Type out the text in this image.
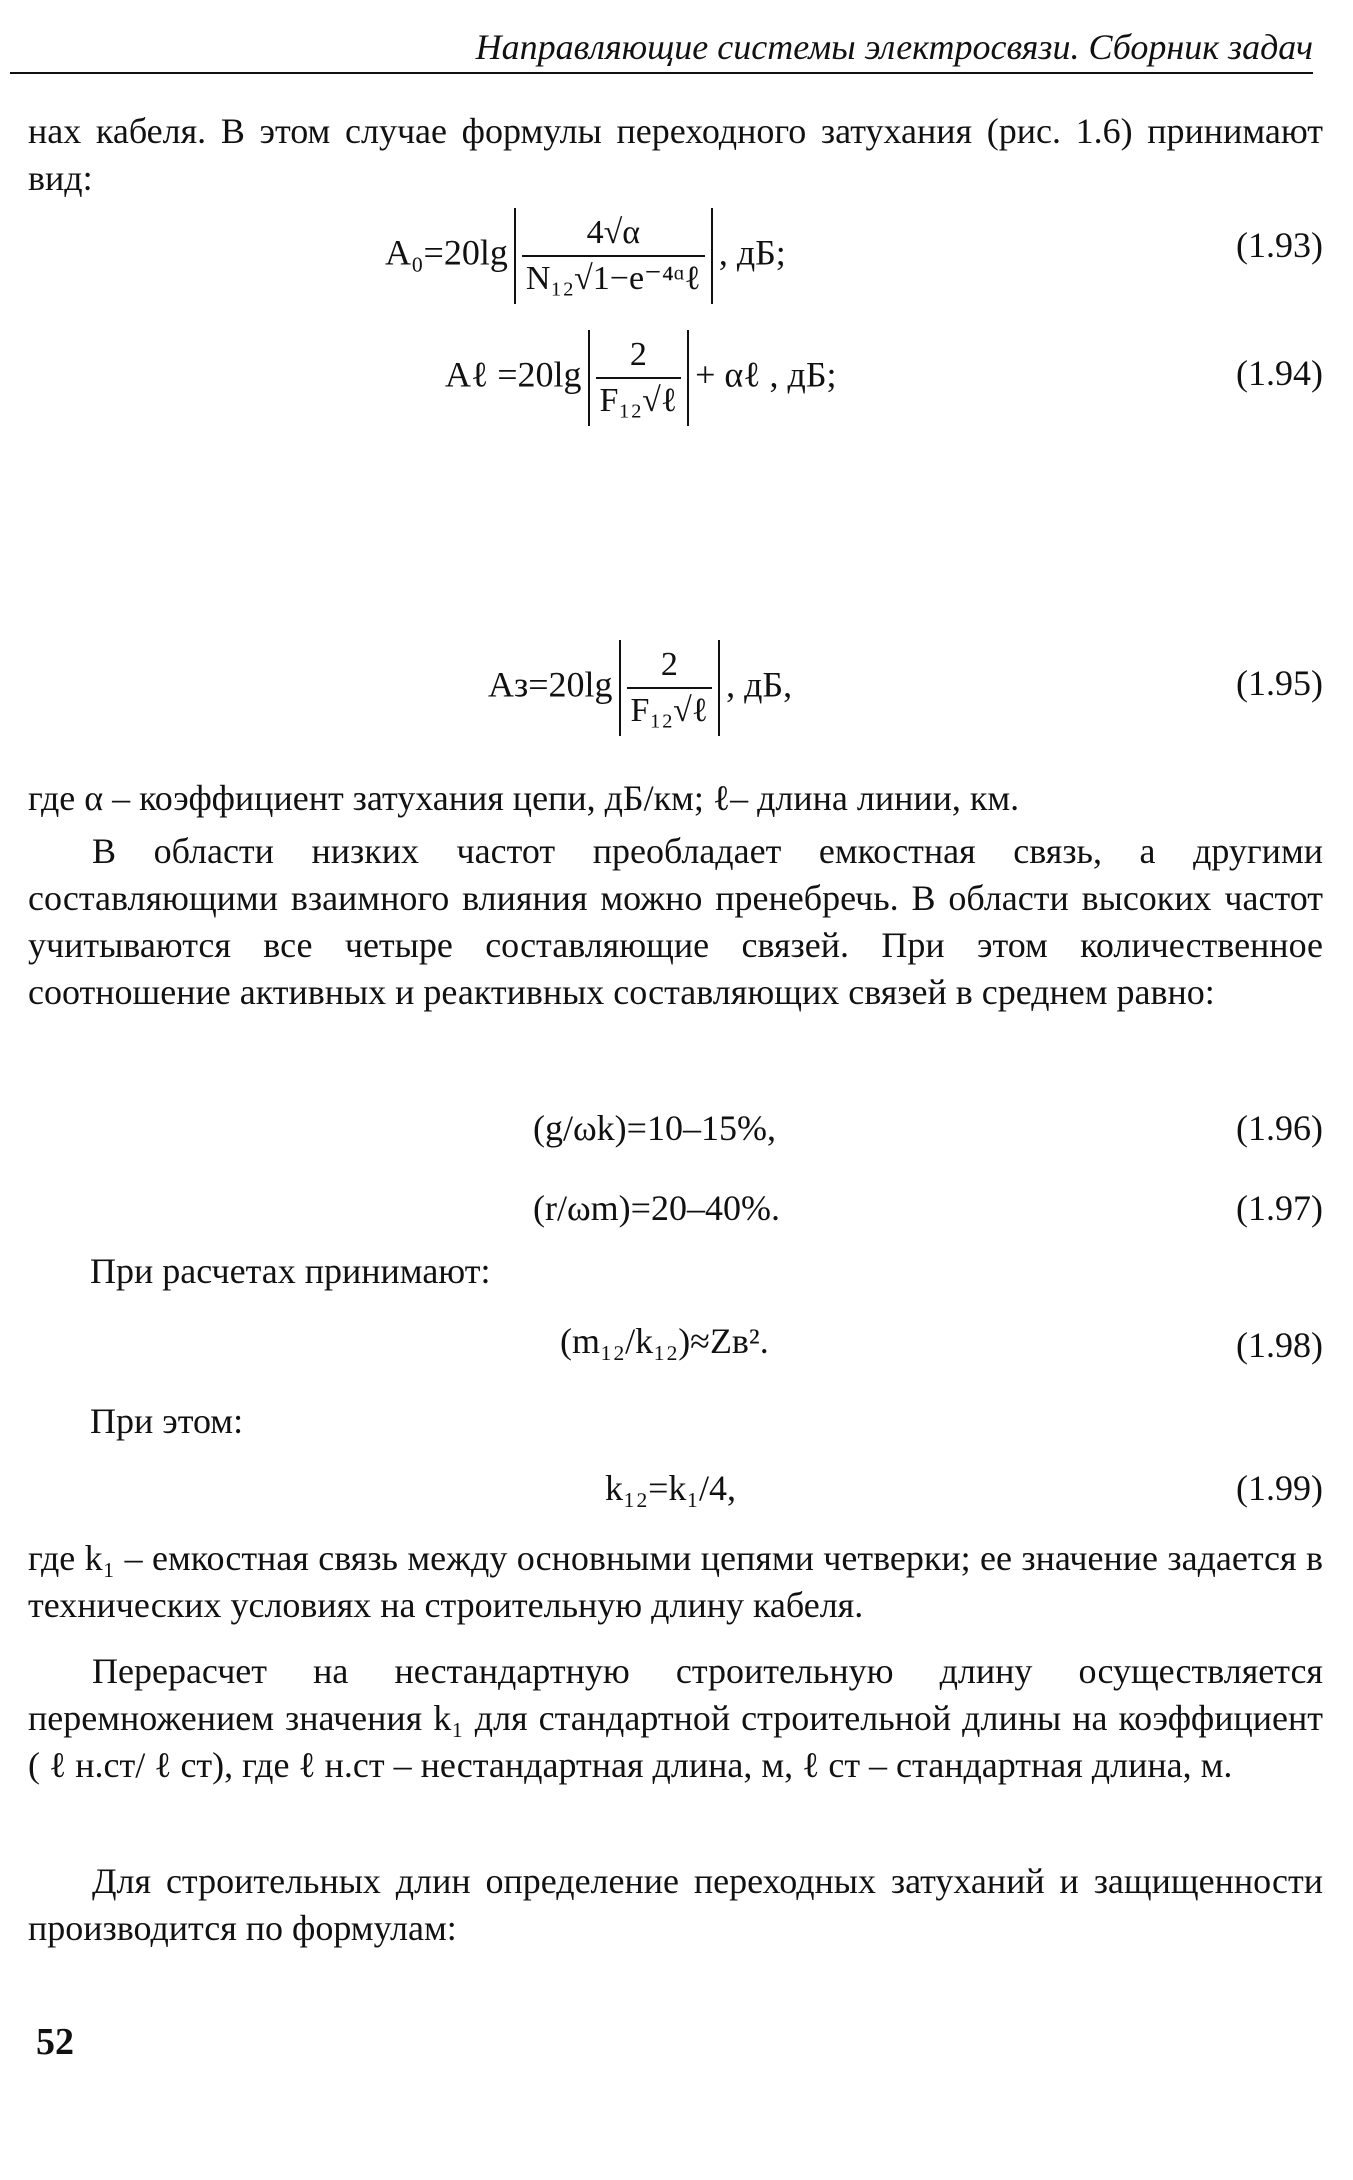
Направляющие системы электросвязи. Сборник задач
нах кабеля. В этом случае формулы переходного затухания (рис. 1.6) принимают вид:
$A_0=20\lg \frac{4√\alpha}{\text{N₁₂√1−e⁻⁴ᵅℓ}}$ , дБ;	(1.93)
Aℓ $=20\lg \frac{2}{\text{F₁₂√ℓ}}$ + αℓ , дБ;	(1.94)
$Aз=20\lg \frac{2}{\text{F₁₂√ℓ}}$ , дБ,	(1.95)
где α – коэффициент затухания цепи, дБ/км; ℓ– длина линии, км.
В области низких частот преобладает емкостная связь, а другими составляющими взаимного влияния можно пренебречь. В области высоких частот учитываются все четыре составляющие связей. При этом количественное соотношение активных и реактивных составляющих связей в среднем равно:
(g/ωk)=10–15%,	(1.96)
(r/ωm)=20–40%.	(1.97)
При расчетах принимают:
(m₁₂/k₁₂)≈Zв².	(1.98)
При этом:
k₁₂=k₁/4,	(1.99)
где k₁ – емкостная связь между основными цепями четверки; ее значение задается в технических условиях на строительную длину кабеля.
Перерасчет на нестандартную строительную длину осуществляется перемножением значения k₁ для стандартной строительной длины на коэффициент ( ℓ н.ст/ ℓ ст), где ℓ н.ст – нестандартная длина, м, ℓ ст – стандартная длина, м.
Для строительных длин определение переходных затуханий и защищенности производится по формулам:
52
